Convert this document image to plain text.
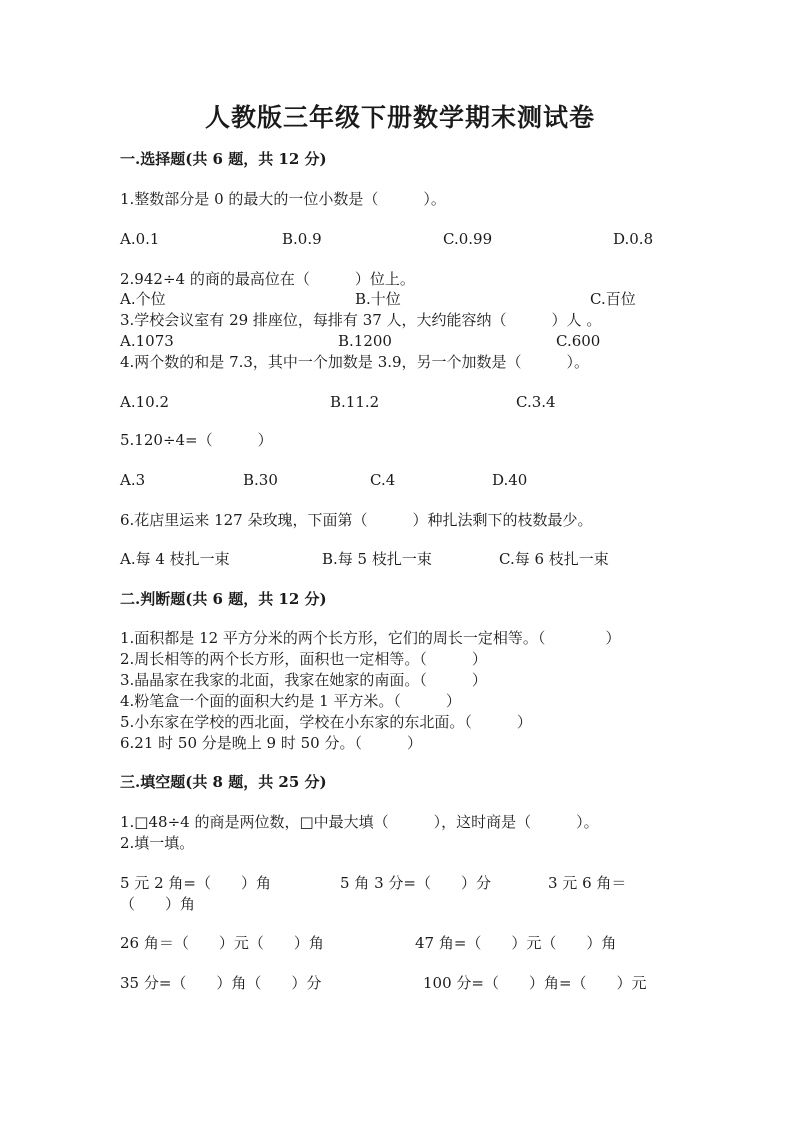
人教版三年级下册数学期末测试卷
一.选择题(共 6 题，共 12 分)
1.整数部分是 0 的最大的一位小数是（　　　）。
A.0.1	B.0.9	C.0.99	D.0.8
2.942÷4 的商的最高位在（　　　）位上。
A.个位	B.十位	C.百位
3.学校会议室有 29 排座位，每排有 37 人，大约能容纳（　　　）人 。
A.1073	B.1200	C.600
4.两个数的和是 7.3，其中一个加数是 3.9，另一个加数是（　　　）。
A.10.2	B.11.2	C.3.4
5.120÷4=（　　　）
A.3	B.30	C.4	D.40
6.花店里运来 127 朵玫瑰，下面第（　　　）种扎法剩下的枝数最少。
A.每 4 枝扎一束	B.每 5 枝扎一束	C.每 6 枝扎一束
二.判断题(共 6 题，共 12 分)
1.面积都是 12 平方分米的两个长方形，它们的周长一定相等。（　　　　）
2.周长相等的两个长方形，面积也一定相等。（　　　）
3.晶晶家在我家的北面，我家在她家的南面。（　　　）
4.粉笔盒一个面的面积大约是 1 平方米。（　　　）
5.小东家在学校的西北面，学校在小东家的东北面。（　　　）
6.21 时 50 分是晚上 9 时 50 分。（　　　）
三.填空题(共 8 题，共 25 分)
1.□48÷4 的商是两位数，□中最大填（　　　），这时商是（　　　）。
2.填一填。
5 元 2 角=（　　）角	5 角 3 分=（　　）分	3 元 6 角＝
（　　）角
26 角＝（　　）元（　　）角	47 角=（　　）元（　　）角
35 分=（　　）角（　　）分	100 分=（　　）角=（　　）元
